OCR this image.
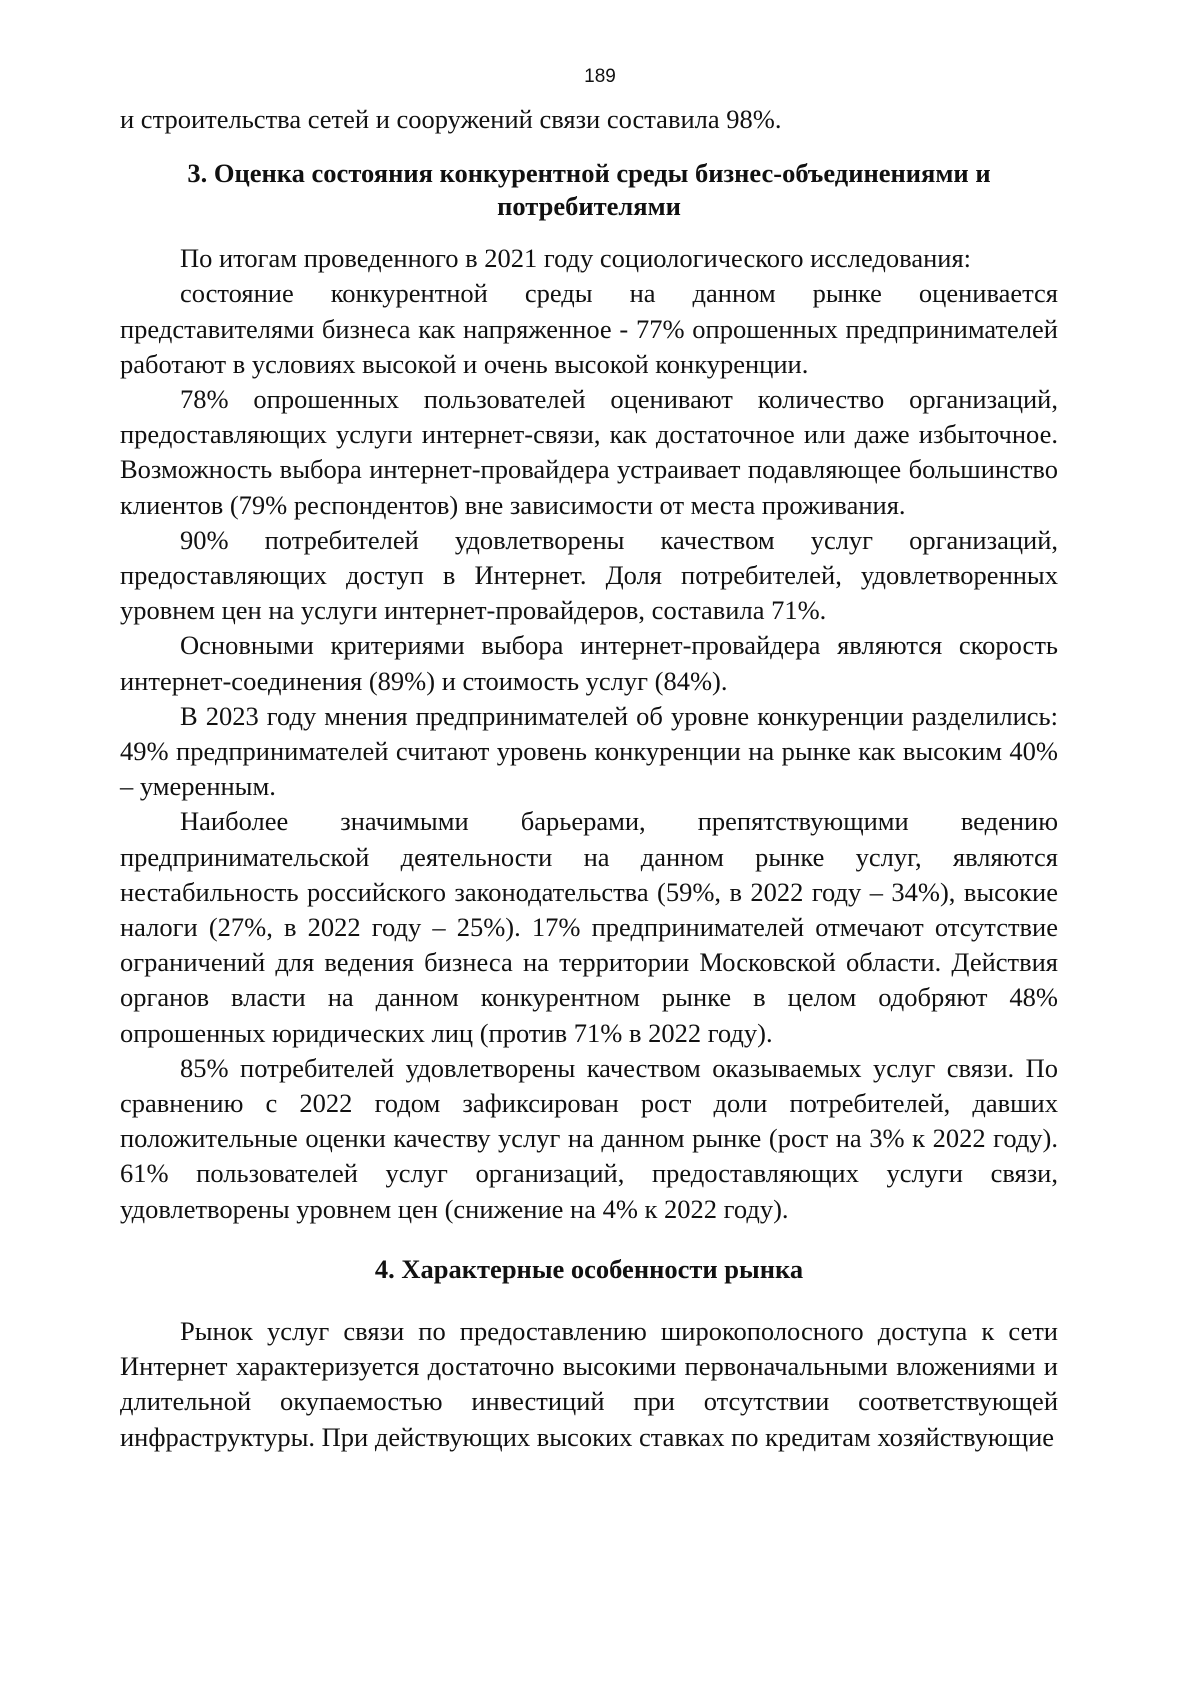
189

и строительства сетей и сооружений связи составила 98%.

3. Оценка состояния конкурентной среды бизнес-объединениями и потребителями

По итогам проведенного в 2021 году социологического исследования:

состояние конкурентной среды на данном рынке оценивается представителями бизнеса как напряженное - 77% опрошенных предпринимателей работают в условиях высокой и очень высокой конкуренции.

78% опрошенных пользователей оценивают количество организаций, предоставляющих услуги интернет-связи, как достаточное или даже избыточное. Возможность выбора интернет-провайдера устраивает подавляющее большинство клиентов (79% респондентов) вне зависимости от места проживания.

90% потребителей удовлетворены качеством услуг организаций, предоставляющих доступ в Интернет. Доля потребителей, удовлетворенных уровнем цен на услуги интернет-провайдеров, составила 71%.

Основными критериями выбора интернет-провайдера являются скорость интернет-соединения (89%) и стоимость услуг (84%).

В 2023 году мнения предпринимателей об уровне конкуренции разделились: 49% предпринимателей считают уровень конкуренции на рынке как высоким 40% – умеренным.

Наиболее значимыми барьерами, препятствующими ведению предпринимательской деятельности на данном рынке услуг, являются нестабильность российского законодательства (59%, в 2022 году – 34%), высокие налоги (27%, в 2022 году – 25%). 17% предпринимателей отмечают отсутствие ограничений для ведения бизнеса на территории Московской области. Действия органов власти на данном конкурентном рынке в целом одобряют 48% опрошенных юридических лиц (против 71% в 2022 году).

85% потребителей удовлетворены качеством оказываемых услуг связи. По сравнению с 2022 годом зафиксирован рост доли потребителей, давших положительные оценки качеству услуг на данном рынке (рост на 3% к 2022 году). 61% пользователей услуг организаций, предоставляющих услуги связи, удовлетворены уровнем цен (снижение на 4% к 2022 году).

4. Характерные особенности рынка

Рынок услуг связи по предоставлению широкополосного доступа к сети Интернет характеризуется достаточно высокими первоначальными вложениями и длительной окупаемостью инвестиций при отсутствии соответствующей инфраструктуры. При действующих высоких ставках по кредитам хозяйствующие
